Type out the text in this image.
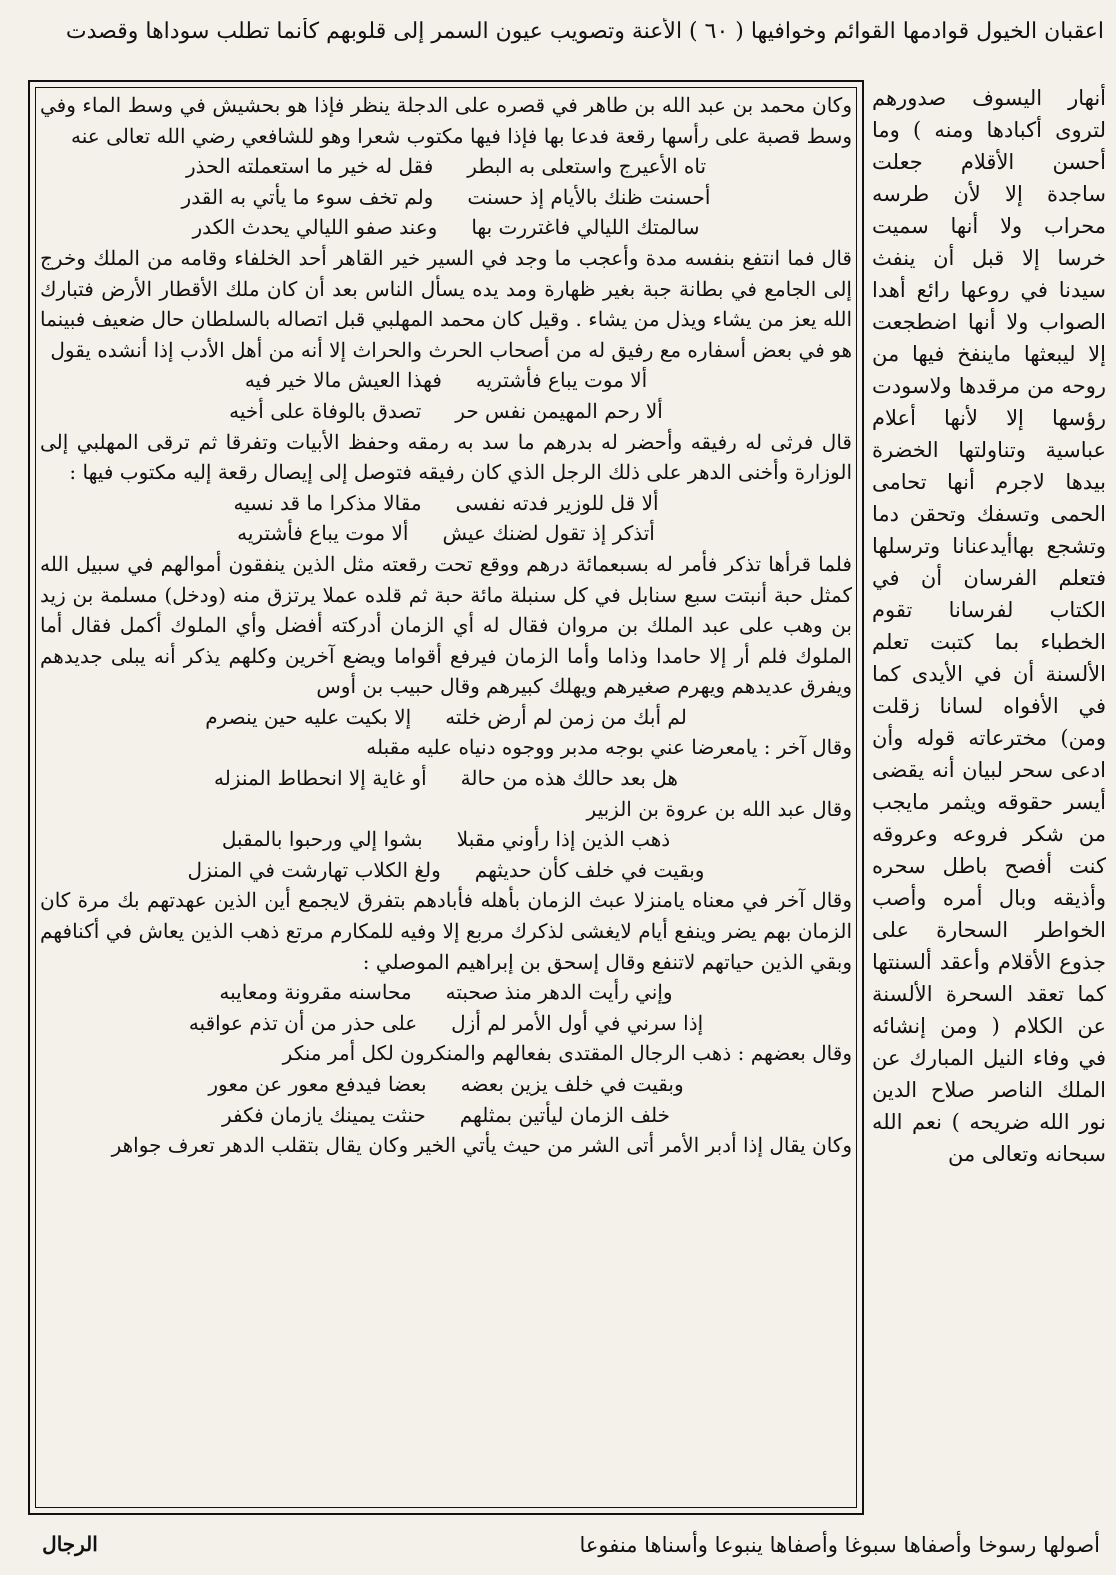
اعقبان الخيول قوادمها القوائم وخوافيها ( ٦٠ ) الأعنة وتصويب عيون السمر إلى قلوبهم كأنما تطلب سوداها وقصدت

وكان محمد بن عبد الله بن طاهر في قصره على الدجلة ينظر فإذا هو بحشيش في وسط الماء وفي وسط قصبة على رأسها رقعة فدعا بها فإذا فيها مكتوب شعرا وهو للشافعي رضي الله تعالى عنه

تاه الأعيرج واستعلى به البطر
فقل له خير ما استعملته الحذر
أحسنت ظنك بالأيام إذ حسنت
ولم تخف سوء ما يأتي به القدر
سالمتك الليالي فاغتررت بها
وعند صفو الليالي يحدث الكدر

قال فما انتفع بنفسه مدة وأعجب ما وجد في السير خير القاهر أحد الخلفاء وقامه من الملك وخرج إلى الجامع في بطانة جبة بغير ظهارة ومد يده يسأل الناس بعد أن كان ملك الأقطار الأرض فتبارك الله يعز من يشاء ويذل من يشاء . وقيل كان محمد المهلبي قبل اتصاله بالسلطان حال ضعيف فبينما هو في بعض أسفاره مع رفيق له من أصحاب الحرث والحراث إلا أنه من أهل الأدب إذا أنشده يقول

ألا موت يباع فأشتريه
فهذا العيش مالا خير فيه
ألا رحم المهيمن نفس حر
تصدق بالوفاة على أخيه

قال فرثى له رفيقه وأحضر له بدرهم ما سد به رمقه وحفظ الأبيات وتفرقا ثم ترقى المهلبي إلى الوزارة وأخنى الدهر على ذلك الرجل الذي كان رفيقه فتوصل إلى إيصال رقعة إليه مكتوب فيها :

ألا قل للوزير فدته نفسى
مقالا مذكرا ما قد نسيه
أتذكر إذ تقول لضنك عيش
ألا موت يباع فأشتريه

فلما قرأها تذكر فأمر له بسبعمائة درهم ووقع تحت رقعته مثل الذين ينفقون أموالهم في سبيل الله كمثل حبة أنبتت سبع سنابل في كل سنبلة مائة حبة ثم قلده عملا يرتزق منه (ودخل) مسلمة بن زيد بن وهب على عبد الملك بن مروان فقال له أي الزمان أدركته أفضل وأي الملوك أكمل فقال أما الملوك فلم أر إلا حامدا وذاما وأما الزمان فيرفع أقواما ويضع آخرين وكلهم يذكر أنه يبلى جديدهم ويفرق عديدهم ويهرم صغيرهم ويهلك كبيرهم وقال حبيب بن أوس

لم أبك من زمن لم أرض خلته
إلا بكيت عليه حين ينصرم

وقال آخر : يامعرضا عني بوجه مدبر ووجوه دنياه عليه مقبله

هل بعد حالك هذه من حالة
أو غاية إلا انحطاط المنزله

وقال عبد الله بن عروة بن الزبير

ذهب الذين إذا رأوني مقبلا
بشوا إلي ورحبوا بالمقبل
وبقيت في خلف كأن حديثهم
ولغ الكلاب تهارشت في المنزل

وقال آخر في معناه يامنزلا عبث الزمان بأهله فأبادهم بتفرق لايجمع أين الذين عهدتهم بك مرة كان الزمان بهم يضر وينفع أيام لايغشى لذكرك مربع إلا وفيه للمكارم مرتع ذهب الذين يعاش في أكنافهم وبقي الذين حياتهم لاتنفع وقال إسحق بن إبراهيم الموصلي :

وإني رأيت الدهر منذ صحبته
محاسنه مقرونة ومعايبه
إذا سرني في أول الأمر لم أزل
على حذر من أن تذم عواقبه

وقال بعضهم : ذهب الرجال المقتدى بفعالهم والمنكرون لكل أمر منكر

وبقيت في خلف يزين بعضه
بعضا فيدفع معور عن معور
خلف الزمان ليأتين بمثلهم
حنثت يمينك يازمان فكفر

وكان يقال إذا أدبر الأمر أتى الشر من حيث يأتي الخير وكان يقال بتقلب الدهر تعرف جواهر

أنهار اليسوف صدورهم لتروى أكبادها ومنه ) وما أحسن الأقلام جعلت ساجدة إلا لأن طرسه محراب ولا أنها سميت خرسا إلا قبل أن ينفث سيدنا في روعها رائع أهدا الصواب ولا أنها اضطجعت إلا ليبعثها ماينفخ فيها من روحه من مرقدها ولاسودت رؤسها إلا لأنها أعلام عباسية وتناولتها الخضرة بيدها لاجرم أنها تحامى الحمى وتسفك وتحقن دما وتشجع بهاأيدعنانا وترسلها فتعلم الفرسان أن في الكتاب لفرسانا تقوم الخطباء بما كتبت تعلم الألسنة أن في الأيدى كما في الأفواه لسانا زقلت ومن) مخترعاته قوله وأن ادعى سحر لبيان أنه يقضى أيسر حقوقه ويثمر مايجب من شكر فروعه وعروقه كنت أفصح باطل سحره وأذيقه وبال أمره وأصب الخواطر السحارة على جذوع الأقلام وأعقد ألسنتها كما تعقد السحرة الألسنة عن الكلام ( ومن إنشائه في وفاء النيل المبارك عن الملك الناصر صلاح الدين نور الله ضريحه ) نعم الله سبحانه وتعالى من
أصولها رسوخا وأصفاها سبوغا وأصفاها ينبوعا وأسناها منفوعا
الرجال
